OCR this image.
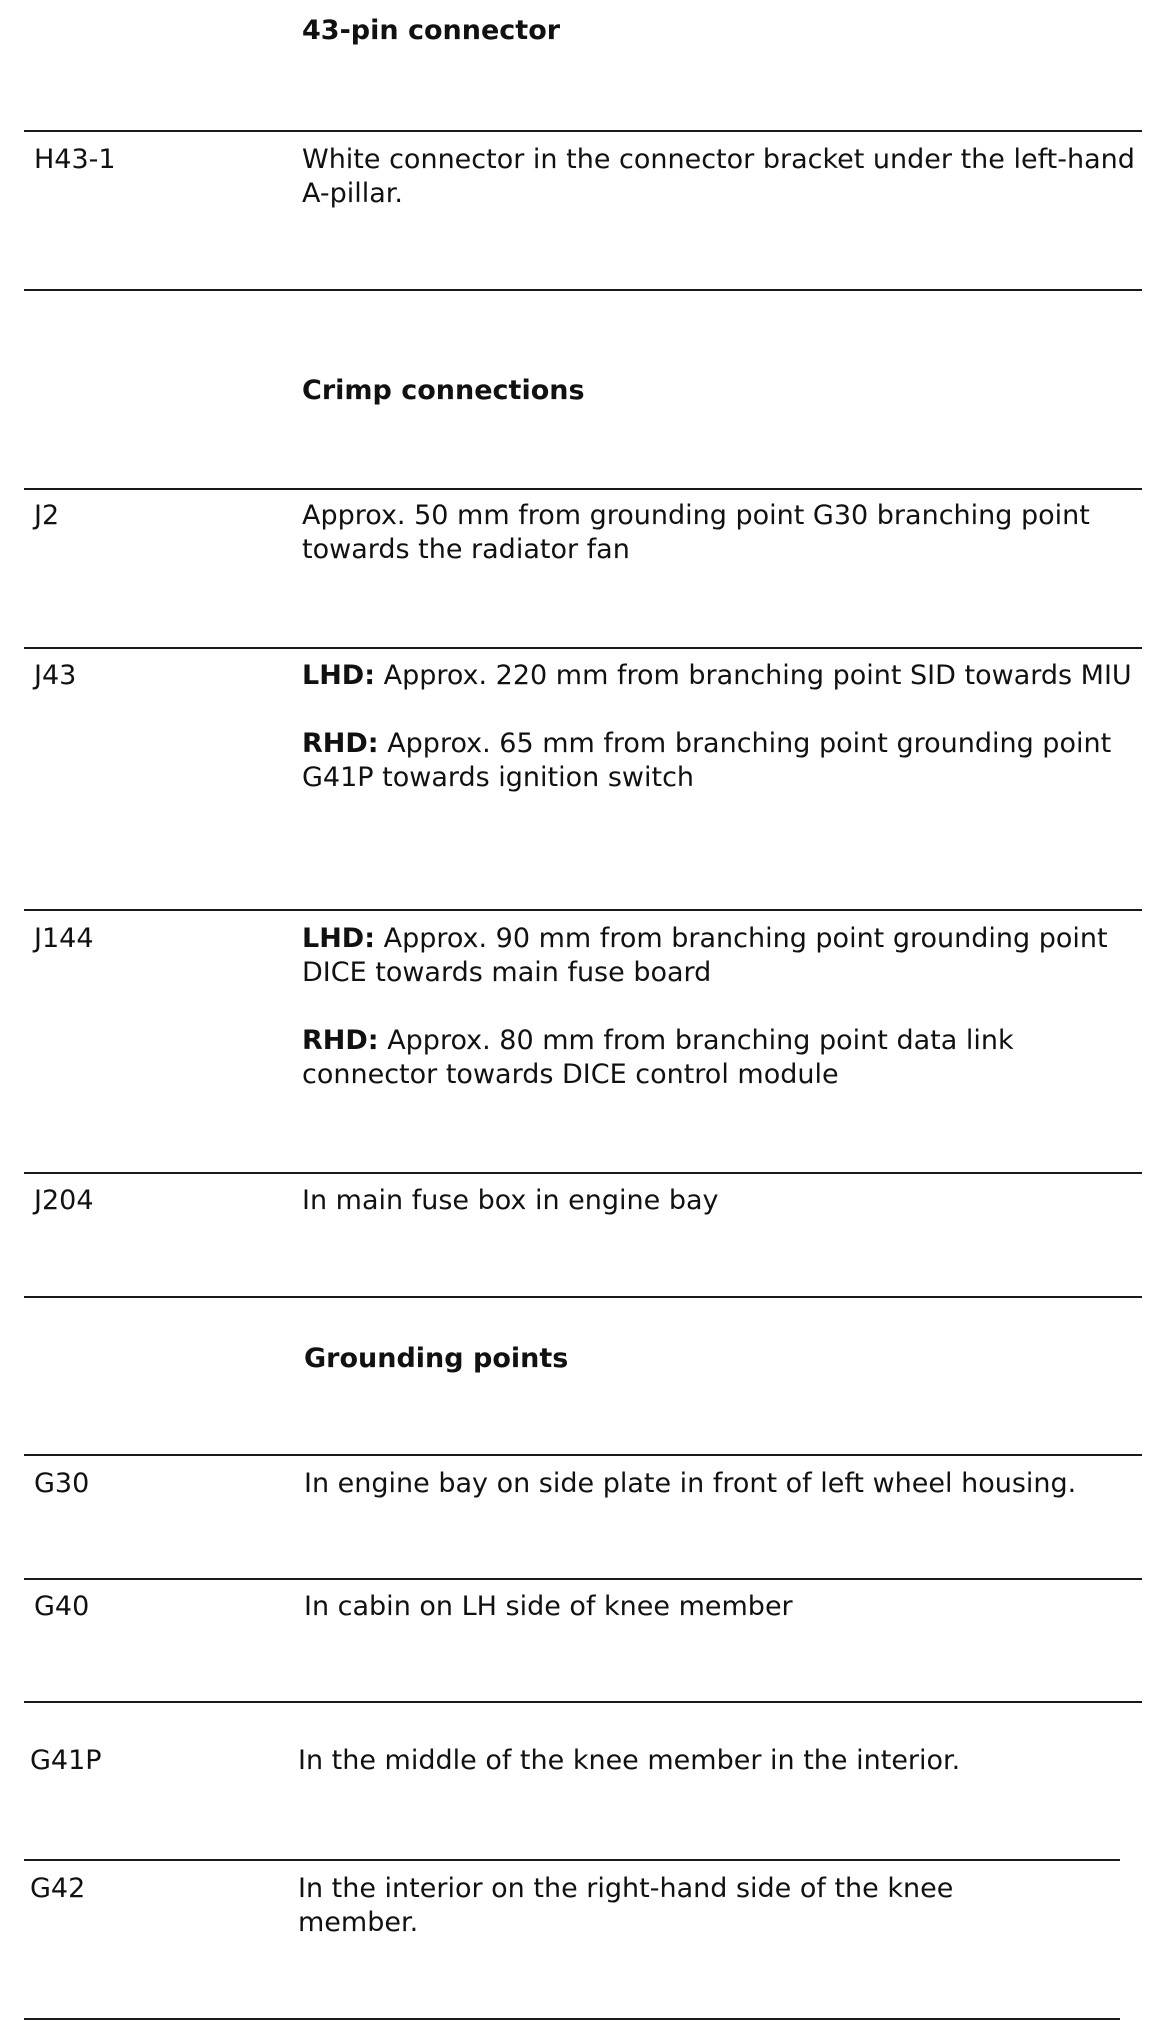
43-pin connector
Crimp connections
Grounding points
H43-1	White connector in the connector bracket under the left-hand A-pillar.

J2	Approx. 50 mm from grounding point G30 branching point towards the radiator fan

J43	LHD: Approx. 220 mm from branching point SID towards MIU

RHD: Approx. 65 mm from branching point grounding point G41P towards ignition switch

J144	LHD: Approx. 90 mm from branching point grounding point DICE towards main fuse board

RHD: Approx. 80 mm from branching point data link connector towards DICE control module

J204	In main fuse box in engine bay

G30	In engine bay on side plate in front of left wheel housing.

G40	In cabin on LH side of knee member

G41P	In the middle of the knee member in the interior.

G42	In the interior on the right-hand side of the knee member.
